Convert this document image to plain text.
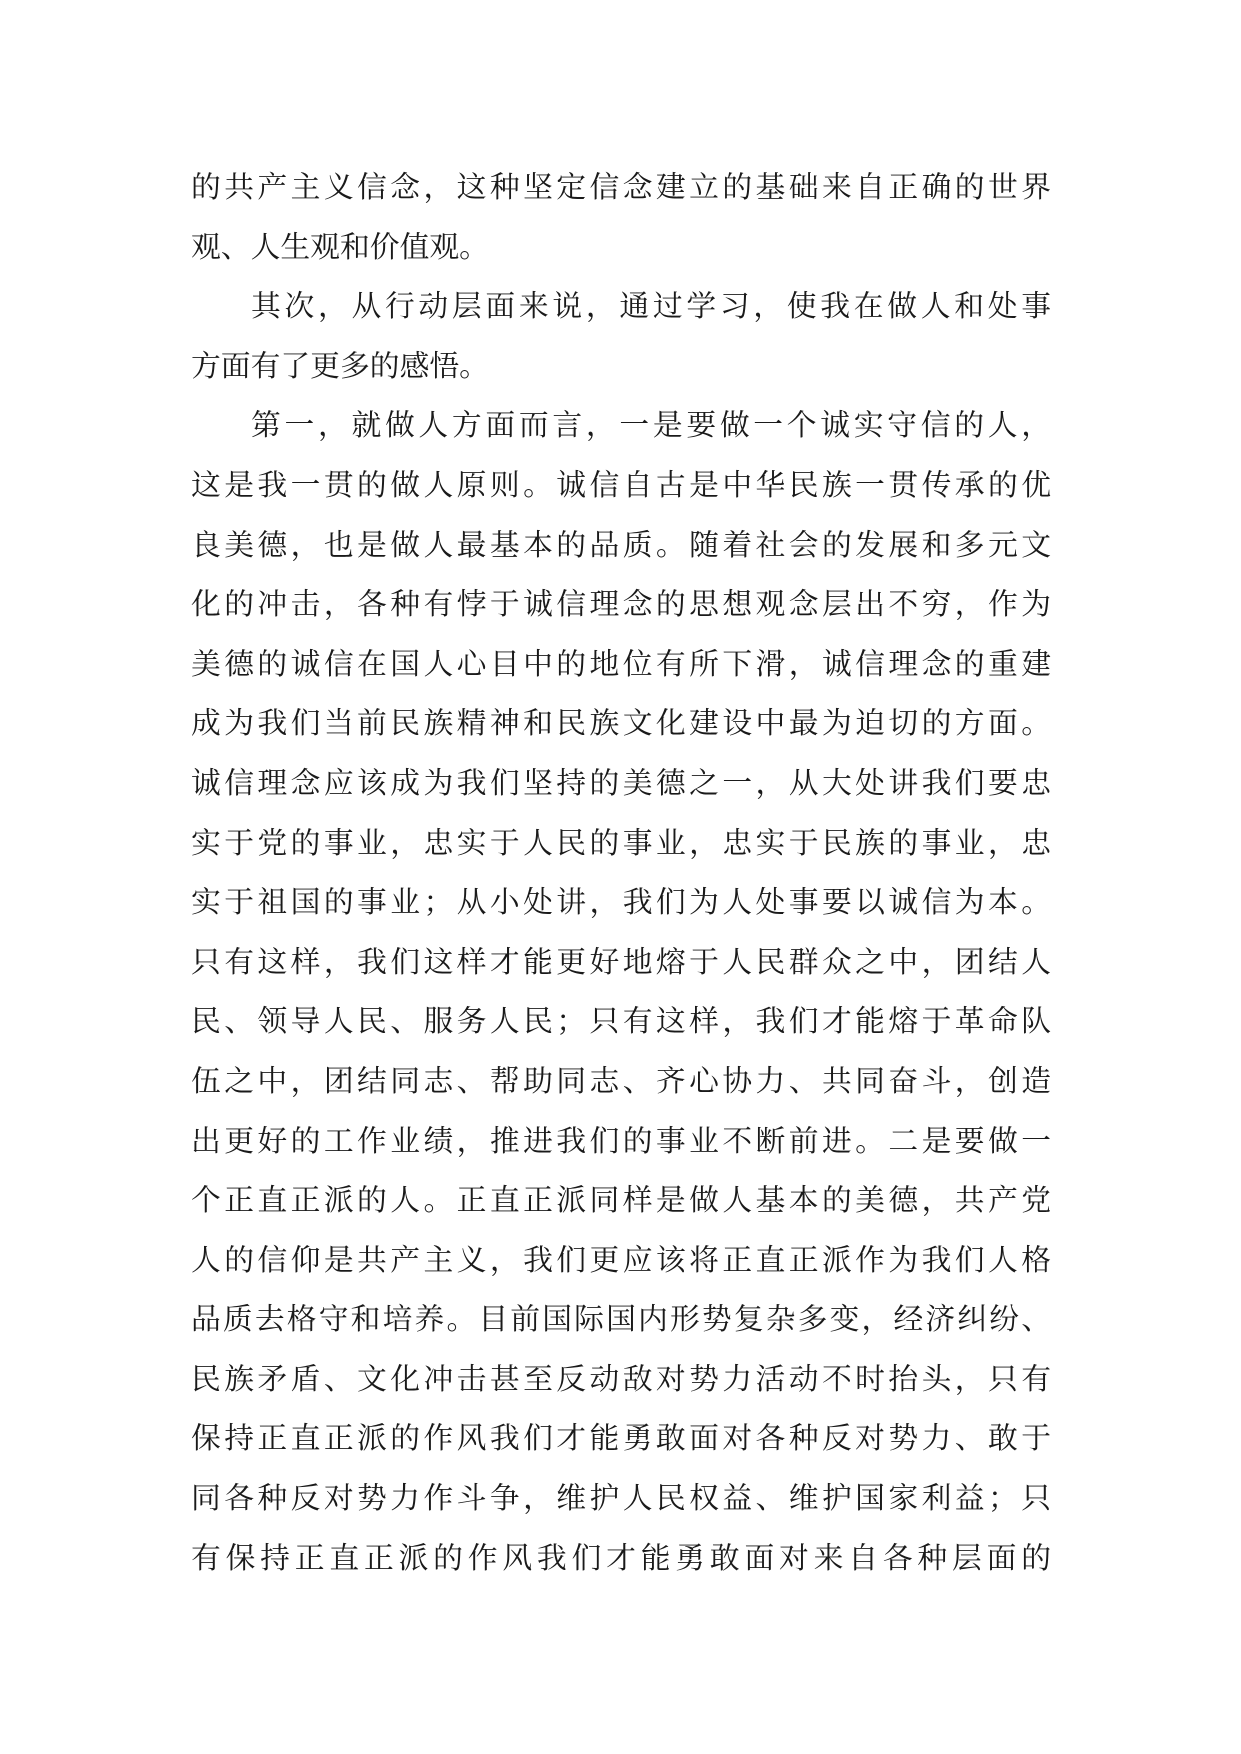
的共产主义信念，这种坚定信念建立的基础来自正确的世界
观、人生观和价值观。
其次，从行动层面来说，通过学习，使我在做人和处事
方面有了更多的感悟。
第一，就做人方面而言，一是要做一个诚实守信的人，
这是我一贯的做人原则。诚信自古是中华民族一贯传承的优
良美德，也是做人最基本的品质。随着社会的发展和多元文
化的冲击，各种有悖于诚信理念的思想观念层出不穷，作为
美德的诚信在国人心目中的地位有所下滑，诚信理念的重建
成为我们当前民族精神和民族文化建设中最为迫切的方面。
诚信理念应该成为我们坚持的美德之一，从大处讲我们要忠
实于党的事业，忠实于人民的事业，忠实于民族的事业，忠
实于祖国的事业；从小处讲，我们为人处事要以诚信为本。
只有这样，我们这样才能更好地熔于人民群众之中，团结人
民、领导人民、服务人民；只有这样，我们才能熔于革命队
伍之中，团结同志、帮助同志、齐心协力、共同奋斗，创造
出更好的工作业绩，推进我们的事业不断前进。二是要做一
个正直正派的人。正直正派同样是做人基本的美德，共产党
人的信仰是共产主义，我们更应该将正直正派作为我们人格
品质去格守和培养。目前国际国内形势复杂多变，经济纠纷、
民族矛盾、文化冲击甚至反动敌对势力活动不时抬头，只有
保持正直正派的作风我们才能勇敢面对各种反对势力、敢于
同各种反对势力作斗争，维护人民权益、维护国家利益；只
有保持正直正派的作风我们才能勇敢面对来自各种层面的
